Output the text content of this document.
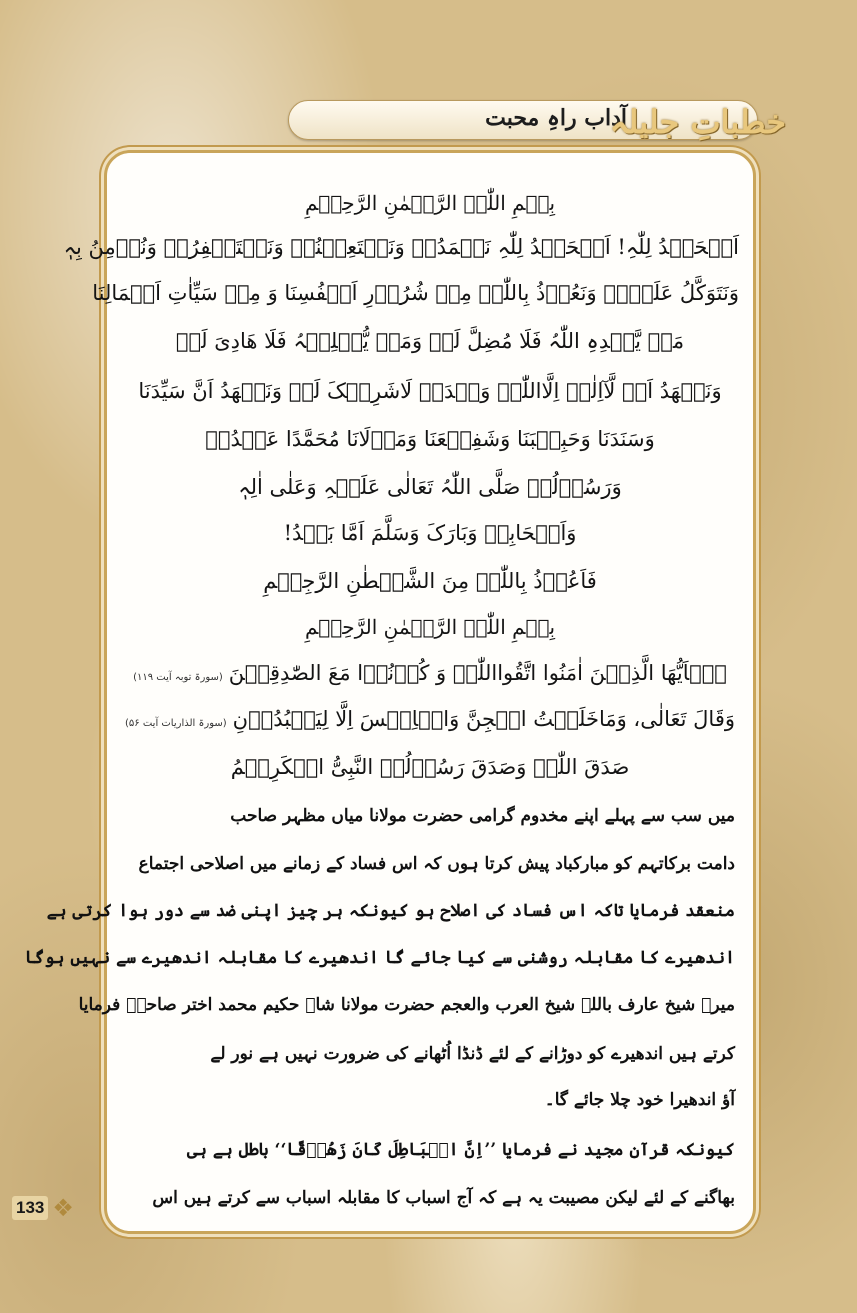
آداب راہِ محبت
خطباتِ جلیلہ

بِسۡمِ اللّٰہِ الرَّحۡمٰنِ الرَّحِیۡمِ

اَلۡحَمۡدُ لِلّٰہِ! اَلۡحَمۡدُ لِلّٰہِ نَحۡمَدُہٗ وَنَسۡتَعِیۡنُہٗ وَنَسۡتَغۡفِرُہٗ وَنُؤۡمِنُ بِہٖ

وَنَتَوَکَّلُ عَلَیۡہِ وَنَعُوۡذُ بِاللّٰہِ مِنۡ شُرُوۡرِ اَنۡفُسِنَا وَ مِنۡ سَیِّاٰتِ اَعۡمَالِنَا

مَنۡ یَّھۡدِہِ اللّٰہُ فَلَا مُضِلَّ لَہٗ وَمَنۡ یُّضۡلِلۡہُ فَلَا ھَادِیَ لَہٗ

وَنَشۡھَدُ اَنۡ لَّآاِلٰہَ اِلَّااللّٰہُ وَحۡدَہٗ لَاشَرِیۡکَ لَہٗ وَنَشۡھَدُ اَنَّ سَیِّدَنَا

وَسَنَدَنَا وَحَبِیۡبَنَا وَشَفِیۡعَنَا وَمَوۡلَانَا مُحَمَّدًا عَبۡدُہٗ

وَرَسُوۡلُہٗ صَلَّی اللّٰہُ تَعَالٰی عَلَیۡہِ وَعَلٰی اٰلِہٖ

وَاَصۡحَابِہٖ وَبَارَکَ وَسَلَّمَ اَمَّا بَعۡدُ!

فَاَعُوۡذُ بِاللّٰہِ مِنَ الشَّیۡطٰنِ الرَّجِیۡمِ

بِسۡمِ اللّٰہِ الرَّحۡمٰنِ الرَّحِیۡمِ

یٰۤاَیُّھَا الَّذِیۡنَ اٰمَنُوا اتَّقُوااللّٰہَ وَ کُوۡنُوۡا مَعَ الصّٰدِقِیۡنَ
(سورۃ توبہ آیت ۱۱۹)
وَقَالَ تَعَالٰی، وَمَاخَلَقۡتُ الۡجِنَّ وَالۡاِنۡسَ اِلَّا لِیَعۡبُدُوۡنِ
(سورۃ الذاریات آیت ۵۶)

صَدَقَ اللّٰہُ وَصَدَقَ رَسُوۡلُہُ النَّبِیُّ الۡکَرِیۡمُ

میں سب سے پہلے اپنے مخدوم گرامی حضرت مولانا میاں مظہر صاحب

دامت برکاتہم کو مبارکباد پیش کرتا ہوں کہ اس فساد کے زمانے میں اصلاحی اجتماع

منعقد فرمایا تاکہ اس فساد کی اصلاح ہو کیونکہ ہر چیز اپنی ضد سے دور ہوا کرتی ہے

اندھیرے کا مقابلہ روشنی سے کیا جائے گا اندھیرے کا مقابلہ اندھیرے سے نہیں ہوگا

میرے شیخ عارف باللہ شیخ العرب والعجم حضرت مولانا شاہ حکیم محمد اختر صاحبؒ فرمایا

کرتے ہیں اندھیرے کو دوڑانے کے لئے ڈنڈا اُٹھانے کی ضرورت نہیں ہے نور لے

آؤ اندھیرا خود چلا جائے گا۔

کیونکہ قرآن مجید نے فرمایا ’’اِنَّ الۡبَاطِلَ کَانَ زَھُوۡقًا‘‘ باطل ہے ہی

بھاگنے کے لئے لیکن مصیبت یہ ہے کہ آج اسباب کا مقابلہ اسباب سے کرتے ہیں اس

133 ❖
